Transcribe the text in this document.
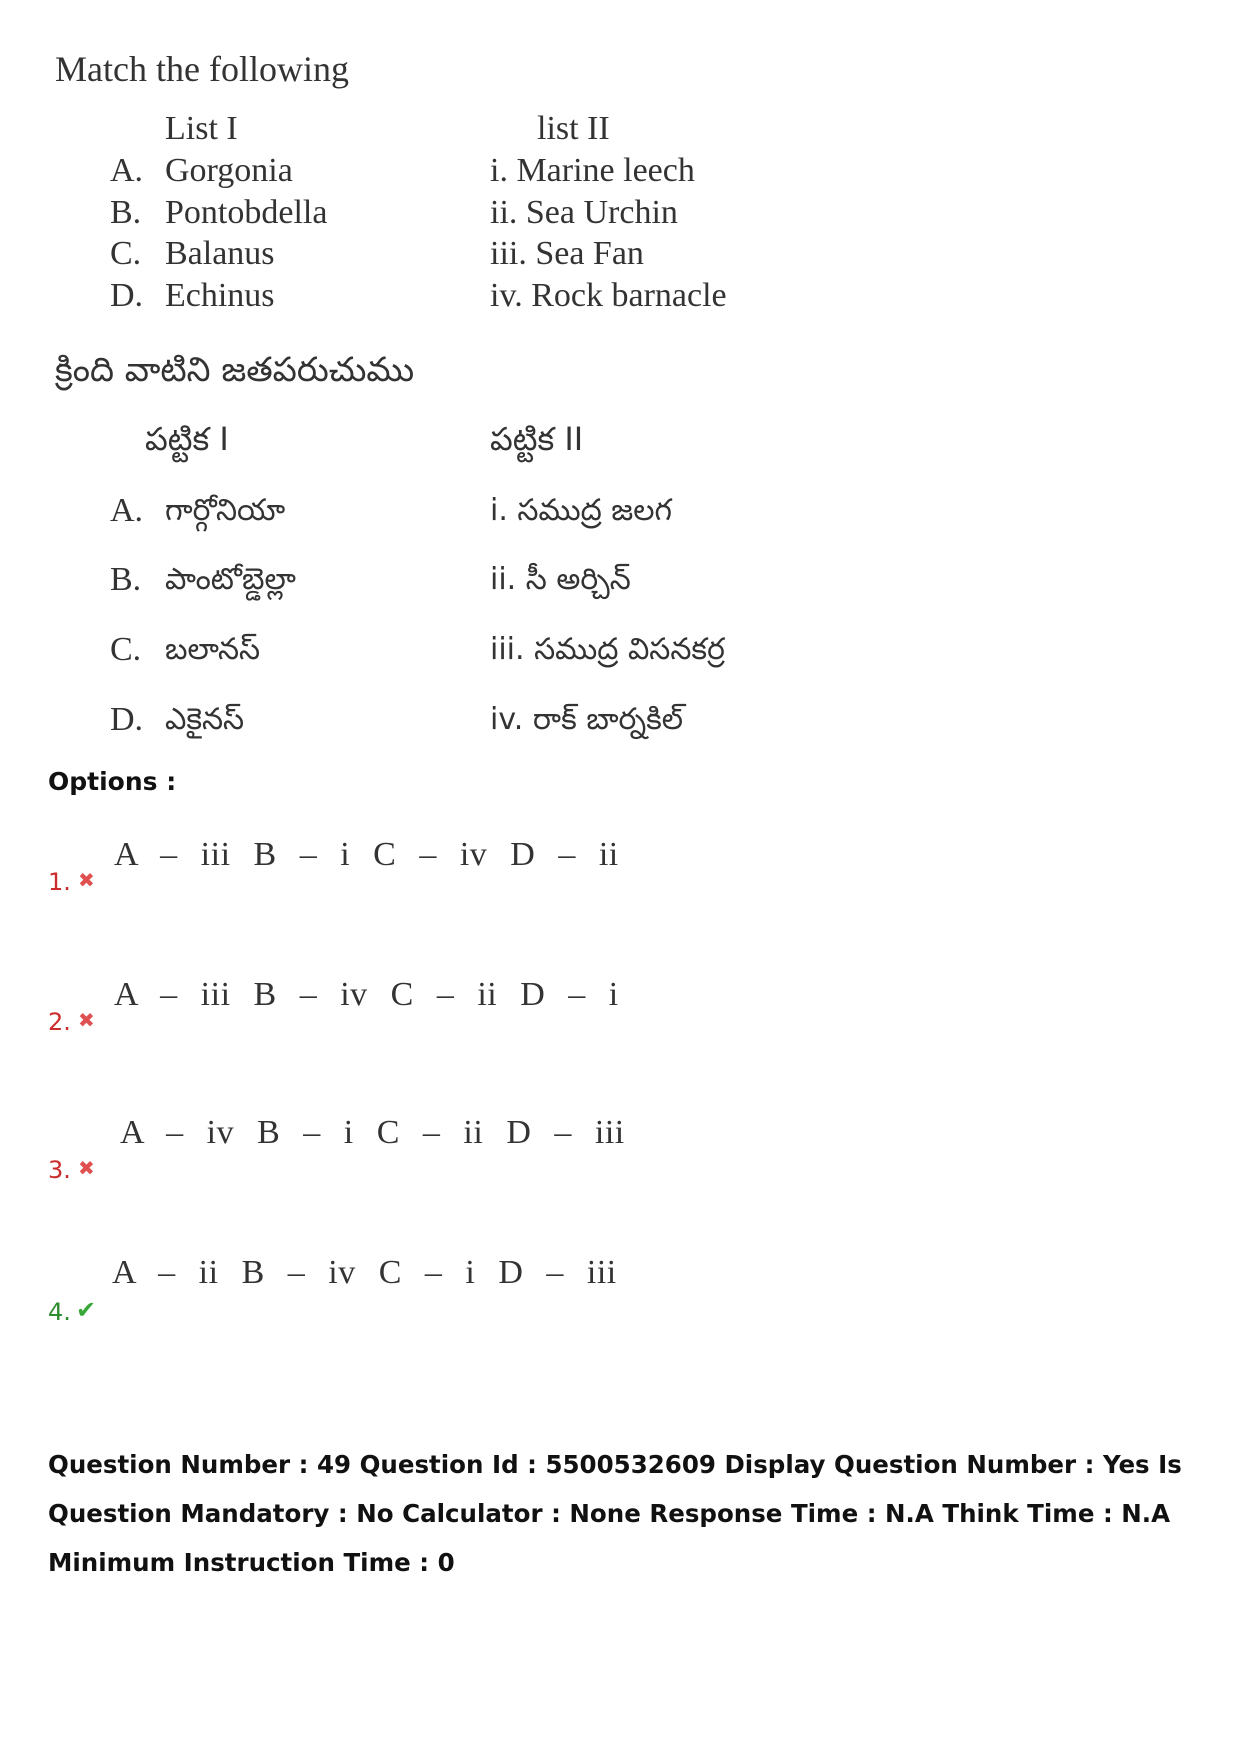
Match the following
List I	list II
A. Gorgonia	i. Marine leech
B. Pontobdella	ii. Sea Urchin
C. Balanus	iii. Sea Fan
D. Echinus	iv. Rock barnacle
క్రింది వాటిని జతపరుచుము
పట్టిక I	పట్టిక II
A. గార్గోనియా	i. సముద్ర జలగ
B. పాంటోబ్డెల్లా	ii. సీ అర్చిన్
C. బలానస్	iii. సముద్ర విసనకర్ర
D. ఎకైనస్	iv. రాక్ బార్నకిల్
Options :
1. ✖
A – iii B – i C – iv D – ii
2. ✖
A – iii B – iv C – ii D – i
3. ✖
A – iv B – i C – ii D – iii
4. ✔
A – ii B – iv C – i D – iii
Question Number : 49 Question Id : 5500532609 Display Question Number : Yes Is Question Mandatory : No Calculator : None Response Time : N.A Think Time : N.A Minimum Instruction Time : 0
